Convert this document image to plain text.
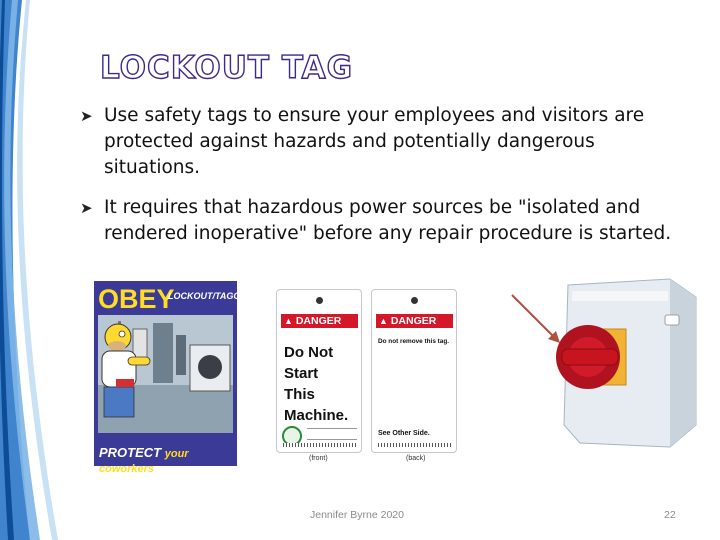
LOCKOUT TAG
➤ Use safety tags to ensure your employees and visitors are protected against hazards and potentially dangerous situations.
➤ It requires that hazardous power sources be "isolated and rendered inoperative" before any repair procedure is started.
OBEY
LOCKOUT/TAGOUT
PROTECT your coworkers
▲ DANGER
Do Not
Start
This
Machine.
(front)
▲ DANGER
Do not remove this tag.
See Other Side.
(back)
Jennifer Byrne 2020	22
